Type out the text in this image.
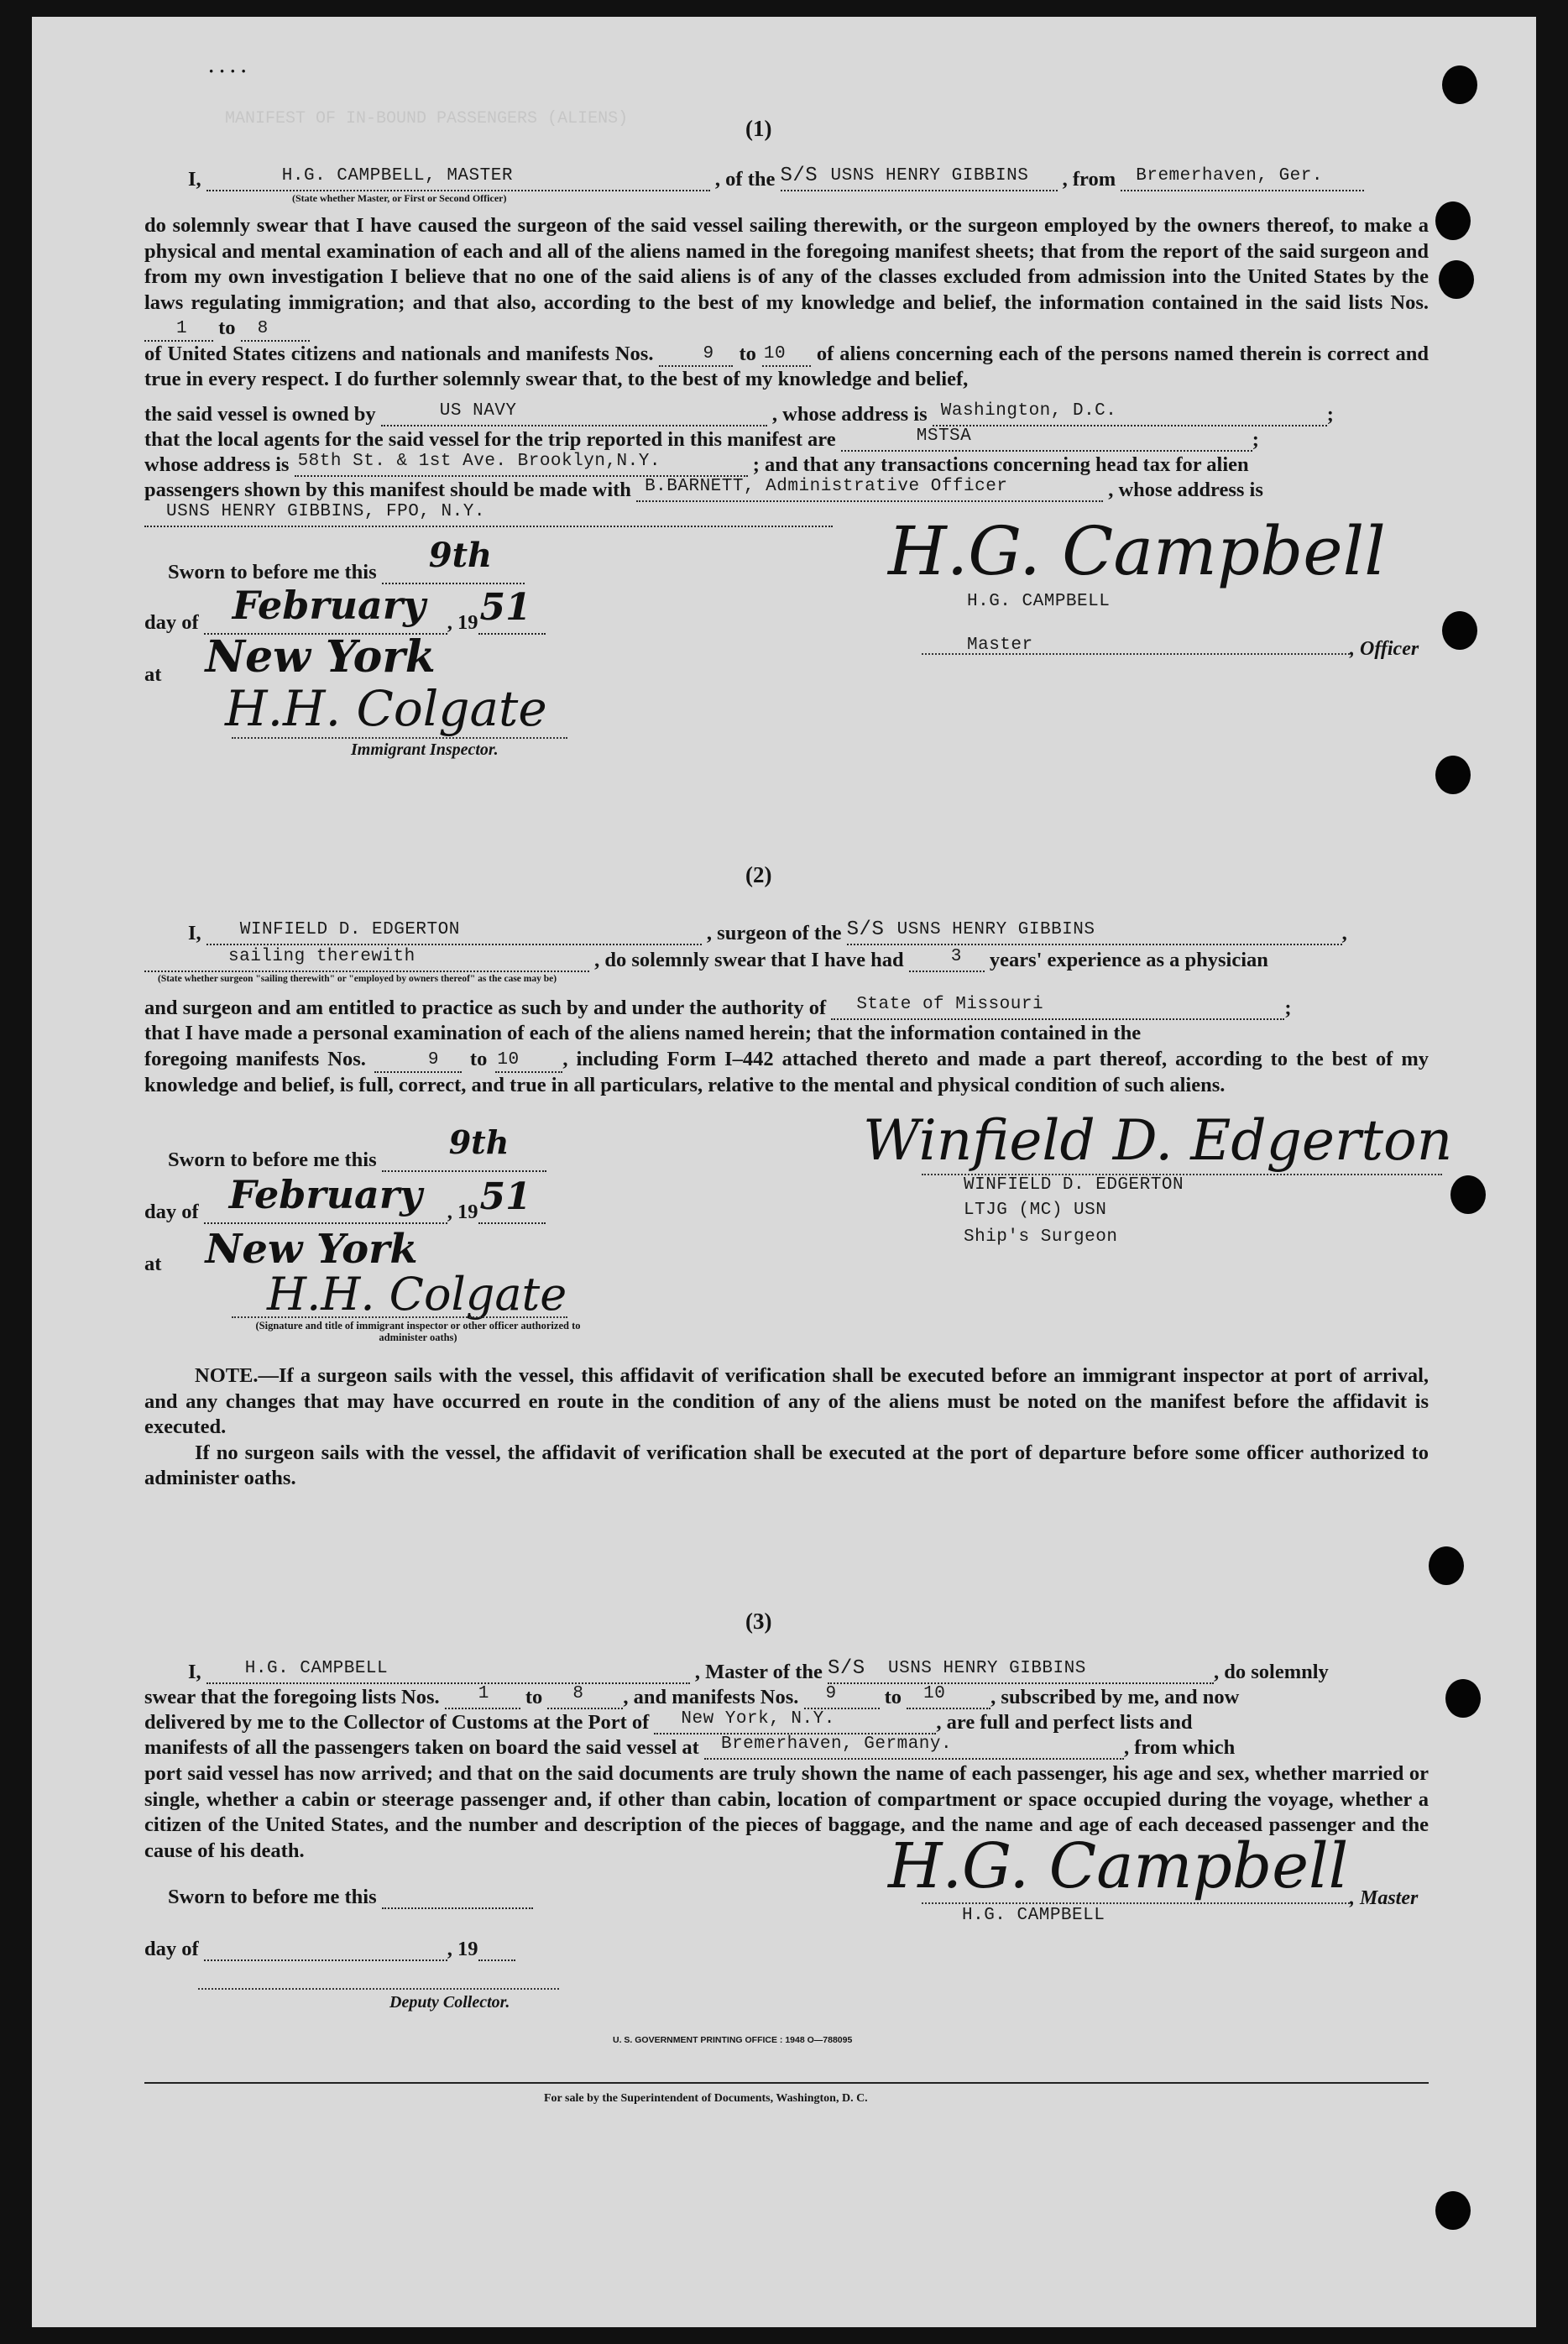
· · · ·
MANIFEST OF IN-BOUND PASSENGERS (ALIENS)	(1)
I,	H.G. CAMPBELL, MASTER	, of the S/S USNS HENRY GIBBINS , from Bremerhaven, Ger.
(State whether Master, or First or Second Officer)

do solemnly swear that I have caused the surgeon of the said vessel sailing therewith, or the surgeon employed by the owners thereof, to make a physical and mental examination of each and all of the aliens named in the foregoing manifest sheets; that from the report of the said surgeon and from my own investigation I believe that no one of the said aliens is of any of the classes excluded from admission into the United States by the laws regulating immigration; and that also, according to the best of my knowledge and belief, the information contained in the said lists Nos.
1 to 8

of United States citizens and nationals and manifests Nos.	9 to 10 of aliens concerning each of the persons named therein is correct and true in every respect. I do further solemnly swear that, to the best of my knowledge and belief,

the said vessel is owned by	US NAVY	, whose address is Washington, D.C.	;
that the local agents for the said vessel for the trip reported in this manifest are	MSTSA	;
whose address is 58th St. & 1st Ave. Brooklyn,N.Y.	; and that any transactions concerning head tax for alien
passengers shown by this manifest should be made with B.BARNETT, Administrative Officer	, whose address is
USNS HENRY GIBBINS, FPO, N.Y.
Sworn to before me this 9th
day of February , 19 51
at New York
H.H. Colgate
Immigrant Inspector.
H.G. Campbell
H.G. CAMPBELL
Master	, Officer
(2)
I, WINFIELD D. EDGERTON	, surgeon of the S/S USNS HENRY GIBBINS	,
sailing therewith	, do solemnly swear that I have had	3 years' experience as a physician
(State whether surgeon "sailing therewith" or "employed by owners thereof" as the case may be)
and surgeon and am entitled to practice as such by and under the authority of State of Missouri	;
that I have made a personal examination of each of the aliens named herein; that the information contained in the

foregoing manifests Nos.	9 to 10 , including Form I–442 attached thereto and made a part thereof, according to the best of my knowledge and belief, is full, correct, and true in all particulars, relative to the mental and physical condition of such aliens.

Sworn to before me this 9th
day of February , 19 51
at New York
H.H. Colgate
(Signature and title of immigrant inspector or other officer authorized to administer oaths)
Winfield D. Edgerton
WINFIELD D. EDGERTON
LTJG (MC) USN
Ship's Surgeon

NOTE.—If a surgeon sails with the vessel, this affidavit of verification shall be executed before an immigrant inspector at port of arrival, and any changes that may have occurred en route in the condition of any of the aliens must be noted on the manifest before the affidavit is executed.

If no surgeon sails with the vessel, the affidavit of verification shall be executed at the port of departure before some officer authorized to administer oaths.

(3)
I, H.G. CAMPBELL	, Master of the S/S USNS HENRY GIBBINS	, do solemnly
swear that the foregoing lists Nos. 1 to 8 , and manifests Nos. 9 to 10 , subscribed by me, and now
delivered by me to the Collector of Customs at the Port of New York, N.Y.	, are full and perfect lists and
manifests of all the passengers taken on board the said vessel at Bremerhaven, Germany.	, from which

port said vessel has now arrived; and that on the said documents are truly shown the name of each passenger, his age and sex, whether married or single, whether a cabin or steerage passenger and, if other than cabin, location of compartment or space occupied during the voyage, whether a citizen of the United States, and the number and description of the pieces of baggage, and the name and age of each deceased passenger and the cause of his death.

Sworn to before me this
day of	, 19
Deputy Collector.
H.G. Campbell , Master
H.G. CAMPBELL
U. S. GOVERNMENT PRINTING OFFICE : 1948 O—788095
For sale by the Superintendent of Documents, Washington, D. C.
